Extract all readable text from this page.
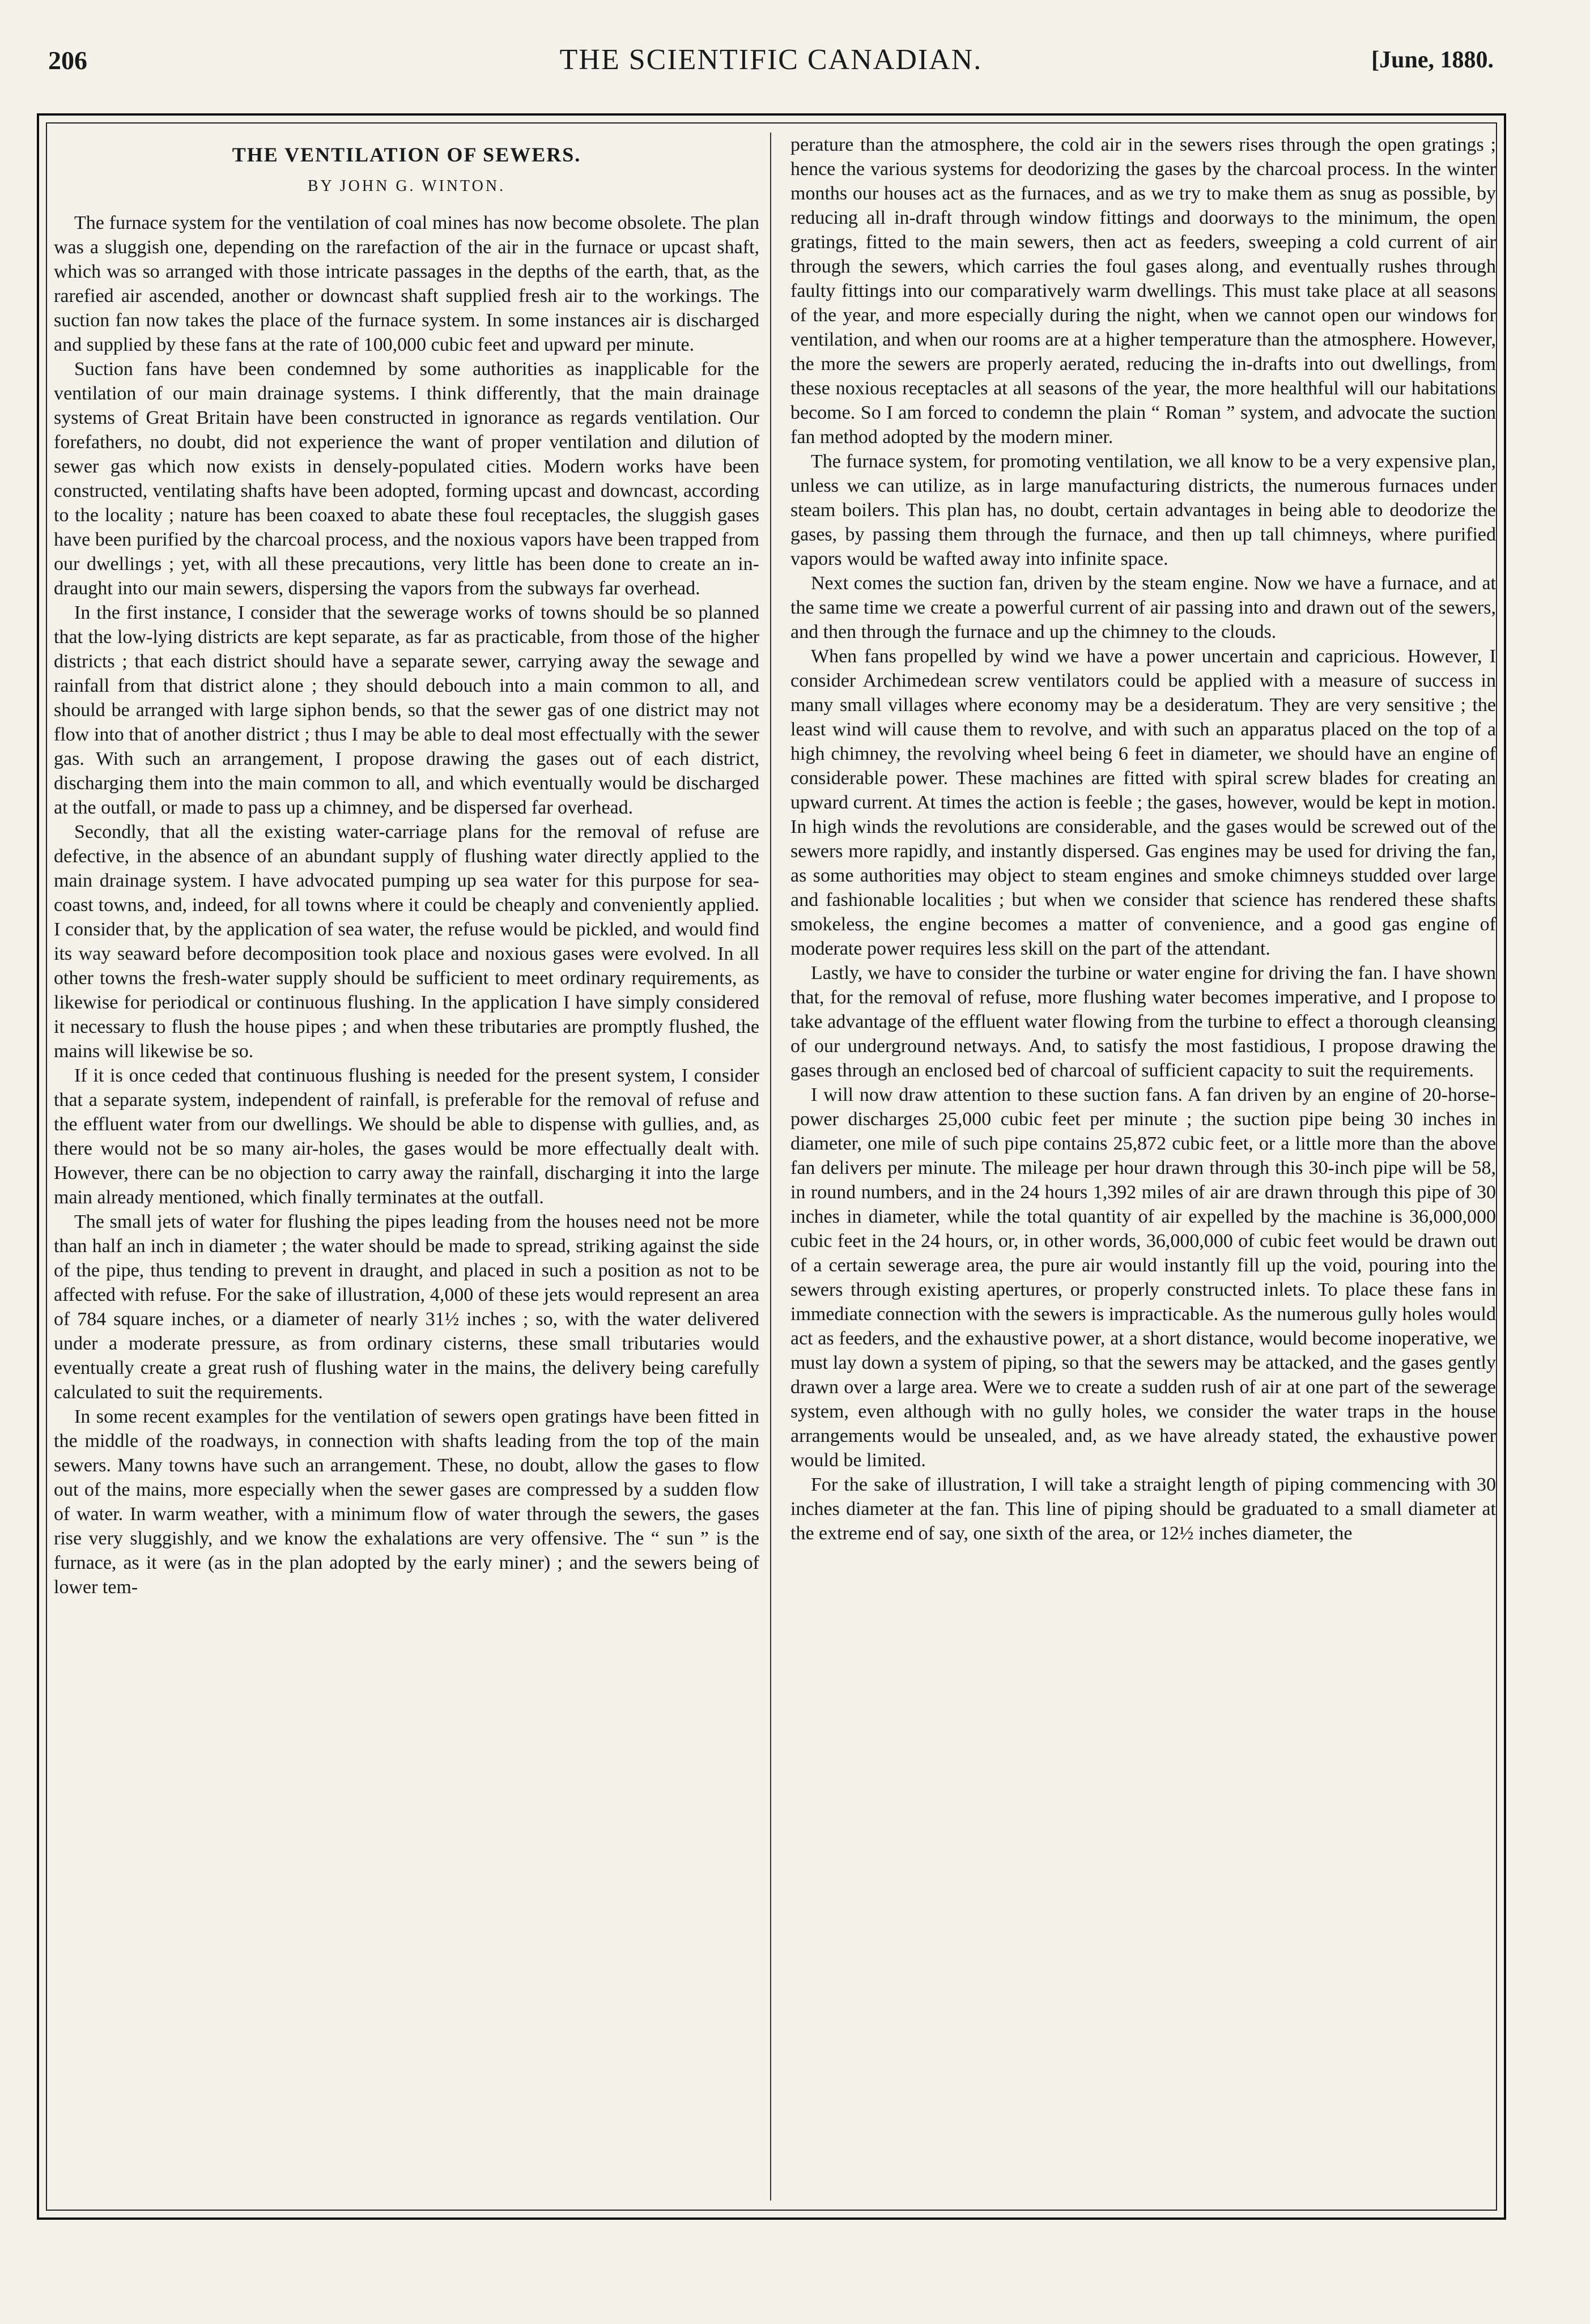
206	THE SCIENTIFIC CANADIAN.	[June, 1880.
THE VENTILATION OF SEWERS.
BY JOHN G. WINTON.

The furnace system for the ventilation of coal mines has now become obsolete. The plan was a sluggish one, depending on the rarefaction of the air in the furnace or upcast shaft, which was so arranged with those intricate passages in the depths of the earth, that, as the rarefied air ascended, another or downcast shaft supplied fresh air to the workings. The suction fan now takes the place of the furnace system. In some instances air is discharged and supplied by these fans at the rate of 100,000 cubic feet and upward per minute.

Suction fans have been condemned by some authorities as inapplicable for the ventilation of our main drainage systems. I think differently, that the main drainage systems of Great Britain have been constructed in ignorance as regards ventilation. Our forefathers, no doubt, did not experience the want of proper ventilation and dilution of sewer gas which now exists in densely-populated cities. Modern works have been constructed, ventilating shafts have been adopted, forming upcast and downcast, according to the locality ; nature has been coaxed to abate these foul receptacles, the sluggish gases have been purified by the charcoal process, and the noxious vapors have been trapped from our dwellings ; yet, with all these precautions, very little has been done to create an in-draught into our main sewers, dispersing the vapors from the subways far overhead.

In the first instance, I consider that the sewerage works of towns should be so planned that the low-lying districts are kept separate, as far as practicable, from those of the higher districts ; that each district should have a separate sewer, carrying away the sewage and rainfall from that district alone ; they should debouch into a main common to all, and should be arranged with large siphon bends, so that the sewer gas of one district may not flow into that of another district ; thus I may be able to deal most effectually with the sewer gas. With such an arrangement, I propose drawing the gases out of each district, discharging them into the main common to all, and which eventually would be discharged at the outfall, or made to pass up a chimney, and be dispersed far overhead.

Secondly, that all the existing water-carriage plans for the removal of refuse are defective, in the absence of an abundant supply of flushing water directly applied to the main drainage system. I have advocated pumping up sea water for this purpose for sea-coast towns, and, indeed, for all towns where it could be cheaply and conveniently applied. I consider that, by the application of sea water, the refuse would be pickled, and would find its way seaward before decomposition took place and noxious gases were evolved. In all other towns the fresh-water supply should be sufficient to meet ordinary requirements, as likewise for periodical or continuous flushing. In the application I have simply considered it necessary to flush the house pipes ; and when these tributaries are promptly flushed, the mains will likewise be so.

If it is once ceded that continuous flushing is needed for the present system, I consider that a separate system, independent of rainfall, is preferable for the removal of refuse and the effluent water from our dwellings. We should be able to dispense with gullies, and, as there would not be so many air-holes, the gases would be more effectually dealt with. However, there can be no objection to carry away the rainfall, discharging it into the large main already mentioned, which finally terminates at the outfall.

The small jets of water for flushing the pipes leading from the houses need not be more than half an inch in diameter ; the water should be made to spread, striking against the side of the pipe, thus tending to prevent in draught, and placed in such a position as not to be affected with refuse. For the sake of illustration, 4,000 of these jets would represent an area of 784 square inches, or a diameter of nearly 31½ inches ; so, with the water delivered under a moderate pressure, as from ordinary cisterns, these small tributaries would eventually create a great rush of flushing water in the mains, the delivery being carefully calculated to suit the requirements.

In some recent examples for the ventilation of sewers open gratings have been fitted in the middle of the roadways, in connection with shafts leading from the top of the main sewers. Many towns have such an arrangement. These, no doubt, allow the gases to flow out of the mains, more especially when the sewer gases are compressed by a sudden flow of water. In warm weather, with a minimum flow of water through the sewers, the gases rise very sluggishly, and we know the exhalations are very offensive. The “ sun ” is the furnace, as it were (as in the plan adopted by the early miner) ; and the sewers being of lower tem-

perature than the atmosphere, the cold air in the sewers rises through the open gratings ; hence the various systems for deodorizing the gases by the charcoal process. In the winter months our houses act as the furnaces, and as we try to make them as snug as possible, by reducing all in-draft through window fittings and doorways to the minimum, the open gratings, fitted to the main sewers, then act as feeders, sweeping a cold current of air through the sewers, which carries the foul gases along, and eventually rushes through faulty fittings into our comparatively warm dwellings. This must take place at all seasons of the year, and more especially during the night, when we cannot open our windows for ventilation, and when our rooms are at a higher temperature than the atmosphere. However, the more the sewers are properly aerated, reducing the in-drafts into out dwellings, from these noxious receptacles at all seasons of the year, the more healthful will our habitations become. So I am forced to condemn the plain “ Roman ” system, and advocate the suction fan method adopted by the modern miner.

The furnace system, for promoting ventilation, we all know to be a very expensive plan, unless we can utilize, as in large manufacturing districts, the numerous furnaces under steam boilers. This plan has, no doubt, certain advantages in being able to deodorize the gases, by passing them through the furnace, and then up tall chimneys, where purified vapors would be wafted away into infinite space.

Next comes the suction fan, driven by the steam engine. Now we have a furnace, and at the same time we create a powerful current of air passing into and drawn out of the sewers, and then through the furnace and up the chimney to the clouds.

When fans propelled by wind we have a power uncertain and capricious. However, I consider Archimedean screw ventilators could be applied with a measure of success in many small villages where economy may be a desideratum. They are very sensitive ; the least wind will cause them to revolve, and with such an apparatus placed on the top of a high chimney, the revolving wheel being 6 feet in diameter, we should have an engine of considerable power. These machines are fitted with spiral screw blades for creating an upward current. At times the action is feeble ; the gases, however, would be kept in motion. In high winds the revolutions are considerable, and the gases would be screwed out of the sewers more rapidly, and instantly dispersed. Gas engines may be used for driving the fan, as some authorities may object to steam engines and smoke chimneys studded over large and fashionable localities ; but when we consider that science has rendered these shafts smokeless, the engine becomes a matter of convenience, and a good gas engine of moderate power requires less skill on the part of the attendant.

Lastly, we have to consider the turbine or water engine for driving the fan. I have shown that, for the removal of refuse, more flushing water becomes imperative, and I propose to take advantage of the effluent water flowing from the turbine to effect a thorough cleansing of our underground netways. And, to satisfy the most fastidious, I propose drawing the gases through an enclosed bed of charcoal of sufficient capacity to suit the requirements.

I will now draw attention to these suction fans. A fan driven by an engine of 20-horse-power discharges 25,000 cubic feet per minute ; the suction pipe being 30 inches in diameter, one mile of such pipe contains 25,872 cubic feet, or a little more than the above fan delivers per minute. The mileage per hour drawn through this 30-inch pipe will be 58, in round numbers, and in the 24 hours 1,392 miles of air are drawn through this pipe of 30 inches in diameter, while the total quantity of air expelled by the machine is 36,000,000 cubic feet in the 24 hours, or, in other words, 36,000,000 of cubic feet would be drawn out of a certain sewerage area, the pure air would instantly fill up the void, pouring into the sewers through existing apertures, or properly constructed inlets. To place these fans in immediate connection with the sewers is impracticable. As the numerous gully holes would act as feeders, and the exhaustive power, at a short distance, would become inoperative, we must lay down a system of piping, so that the sewers may be attacked, and the gases gently drawn over a large area. Were we to create a sudden rush of air at one part of the sewerage system, even although with no gully holes, we consider the water traps in the house arrangements would be unsealed, and, as we have already stated, the exhaustive power would be limited.

For the sake of illustration, I will take a straight length of piping commencing with 30 inches diameter at the fan. This line of piping should be graduated to a small diameter at the extreme end of say, one sixth of the area, or 12½ inches diameter, the
